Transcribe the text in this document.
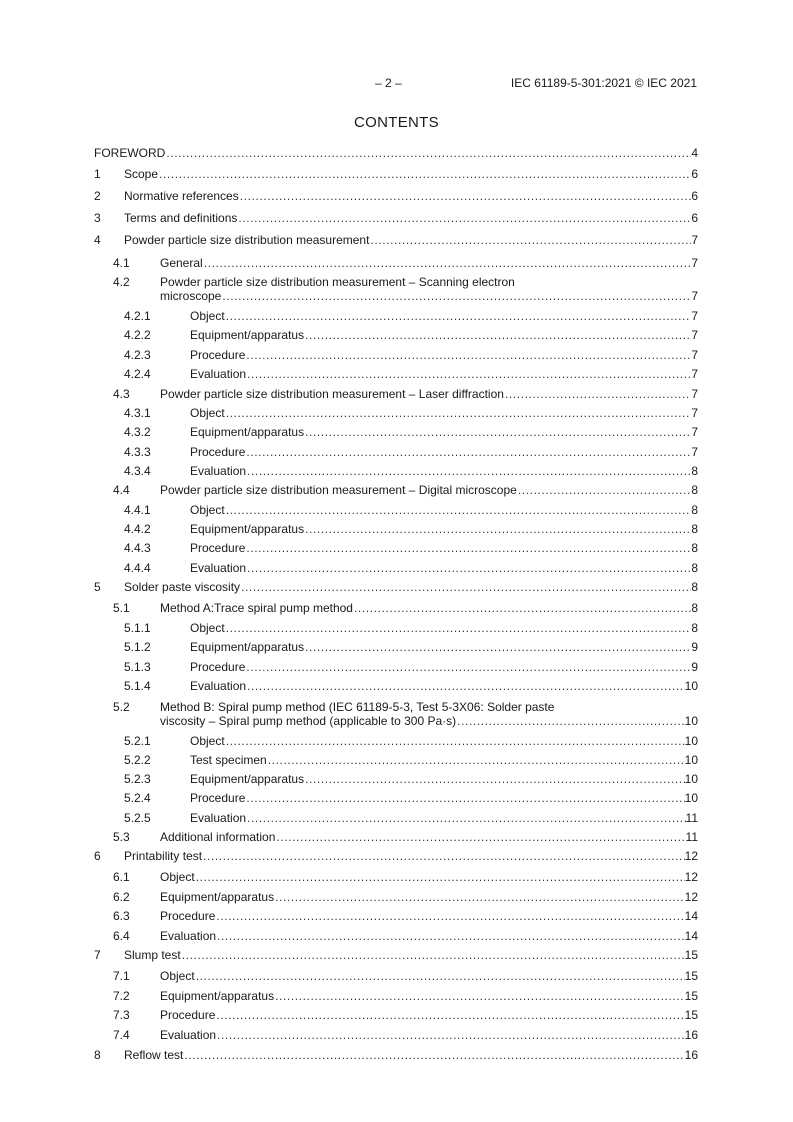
– 2 –	IEC 61189-5-301:2021 © IEC 2021
CONTENTS
FOREWORD .....	4
1 Scope .....	6
2 Normative references .....	6
3 Terms and definitions .....	6
4 Powder particle size distribution measurement .....	7
4.1	General .....	7
4.2	Powder particle size distribution measurement – Scanning electron
microscope .....	7
4.2.1	Object .....	7
4.2.2	Equipment/apparatus .....	7
4.2.3	Procedure .....	7
4.2.4	Evaluation .....	7
4.3	Powder particle size distribution measurement – Laser diffraction .....	7
4.3.1	Object .....	7
4.3.2	Equipment/apparatus .....	7
4.3.3	Procedure .....	7
4.3.4	Evaluation .....	8
4.4	Powder particle size distribution measurement – Digital microscope .....	8
4.4.1	Object .....	8
4.4.2	Equipment/apparatus .....	8
4.4.3	Procedure .....	8
4.4.4	Evaluation .....	8
5 Solder paste viscosity .....	8
5.1	Method A:Trace spiral pump method .....	8
5.1.1	Object .....	8
5.1.2	Equipment/apparatus .....	9
5.1.3	Procedure .....	9
5.1.4	Evaluation .....	10
5.2	Method B: Spiral pump method (IEC 61189-5-3, Test 5-3X06: Solder paste
viscosity – Spiral pump method (applicable to 300 Pa·s) .....	10
5.2.1	Object .....	10
5.2.2	Test specimen .....	10
5.2.3	Equipment/apparatus .....	10
5.2.4	Procedure .....	10
5.2.5	Evaluation .....	11
5.3	Additional information .....	11
6 Printability test .....	12
6.1	Object .....	12
6.2	Equipment/apparatus .....	12
6.3	Procedure .....	14
6.4	Evaluation .....	14
7 Slump test .....	15
7.1	Object .....	15
7.2	Equipment/apparatus .....	15
7.3	Procedure .....	15
7.4	Evaluation .....	16
8 Reflow test .....	16
